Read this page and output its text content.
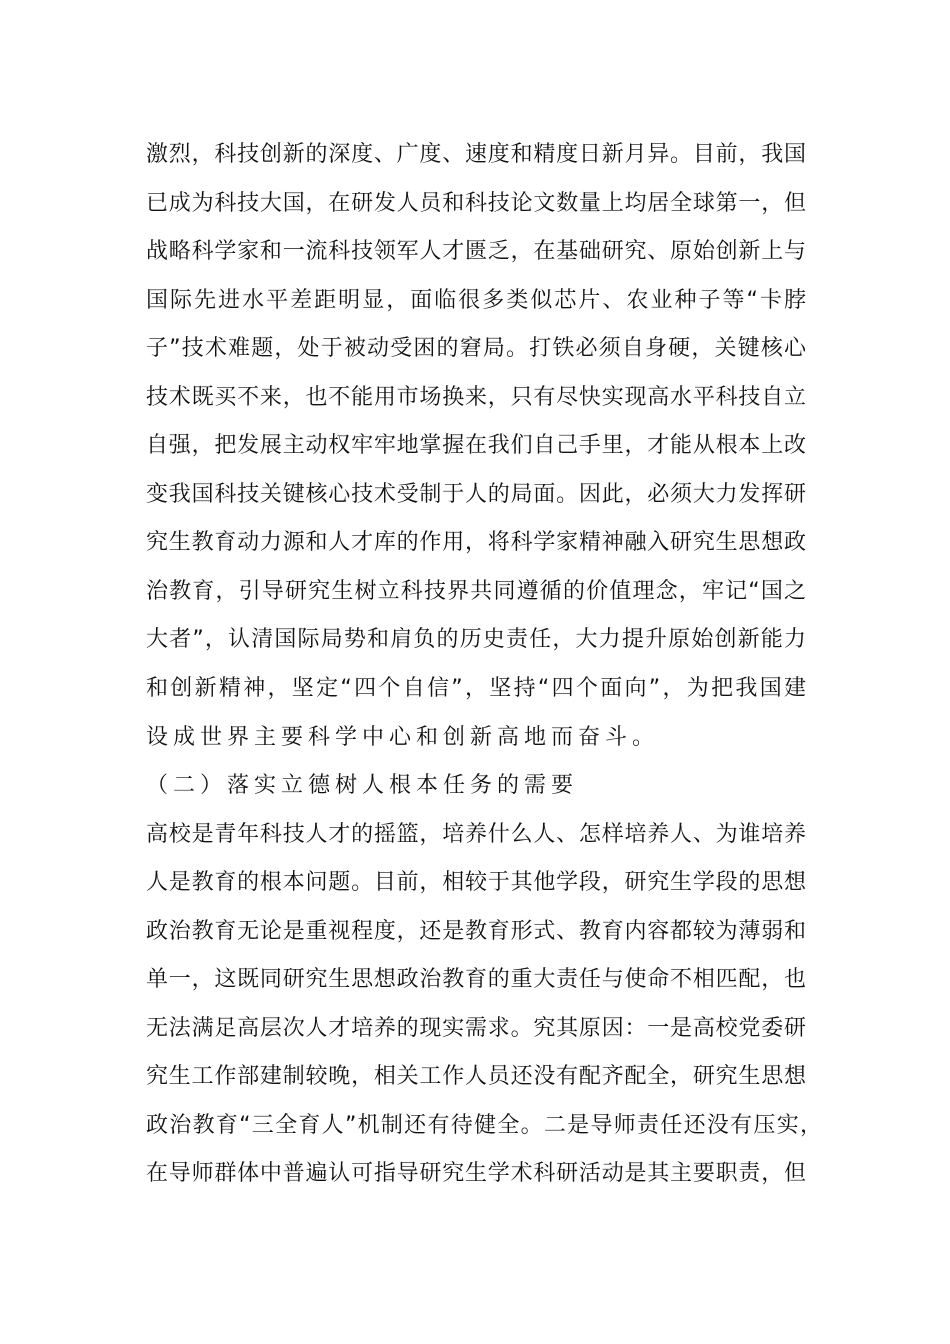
激烈，科技创新的深度、广度、速度和精度日新月异。目前，我国
已成为科技大国，在研发人员和科技论文数量上均居全球第一，但
战略科学家和一流科技领军人才匮乏，在基础研究、原始创新上与
国际先进水平差距明显，面临很多类似芯片、农业种子等“卡脖
子”技术难题，处于被动受困的窘局。打铁必须自身硬，关键核心
技术既买不来，也不能用市场换来，只有尽快实现高水平科技自立
自强，把发展主动权牢牢地掌握在我们自己手里，才能从根本上改
变我国科技关键核心技术受制于人的局面。因此，必须大力发挥研
究生教育动力源和人才库的作用，将科学家精神融入研究生思想政
治教育，引导研究生树立科技界共同遵循的价值理念，牢记“国之
大者”，认清国际局势和肩负的历史责任，大力提升原始创新能力
和创新精神，坚定“四个自信”，坚持“四个面向”，为把我国建
设成世界主要科学中心和创新高地而奋斗。
（二）落实立德树人根本任务的需要
高校是青年科技人才的摇篮，培养什么人、怎样培养人、为谁培养
人是教育的根本问题。目前，相较于其他学段，研究生学段的思想
政治教育无论是重视程度，还是教育形式、教育内容都较为薄弱和
单一，这既同研究生思想政治教育的重大责任与使命不相匹配，也
无法满足高层次人才培养的现实需求。究其原因：一是高校党委研
究生工作部建制较晚，相关工作人员还没有配齐配全，研究生思想
政治教育“三全育人”机制还有待健全。二是导师责任还没有压实，
在导师群体中普遍认可指导研究生学术科研活动是其主要职责，但
